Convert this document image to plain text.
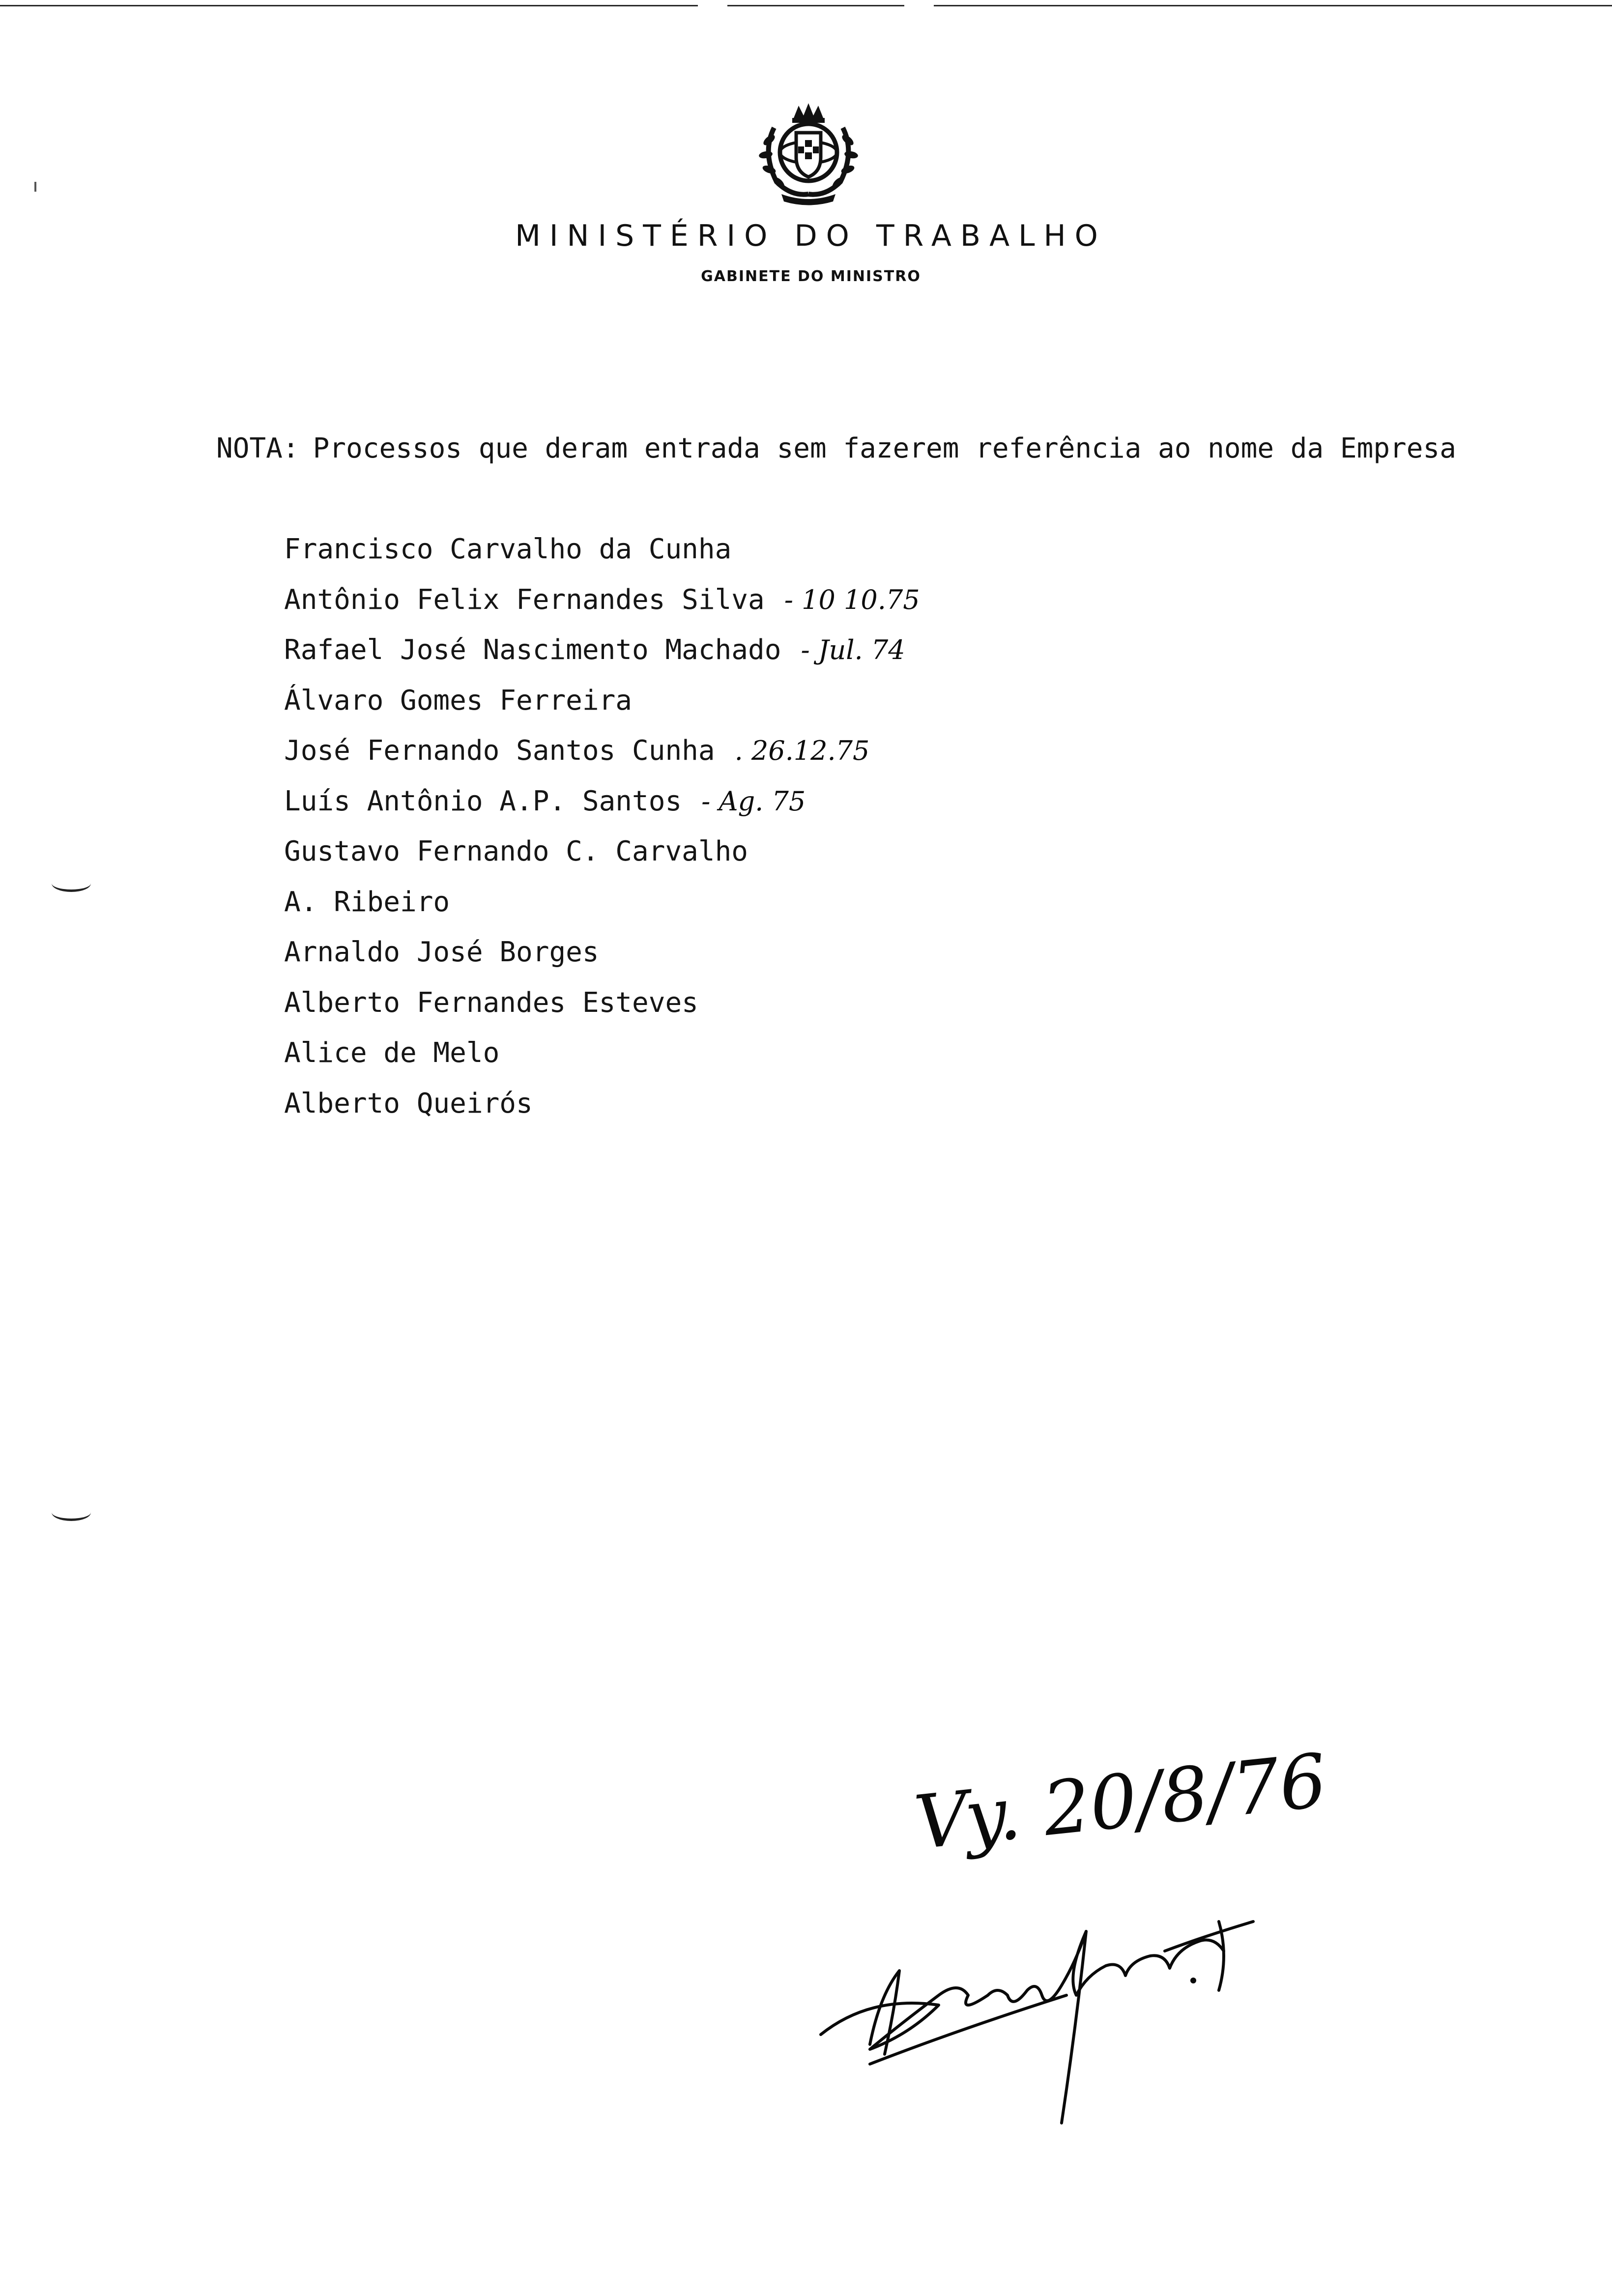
MINISTÉRIO DO TRABALHO
GABINETE DO MINISTRO
NOTA: Processos que deram entrada sem fazerem referência ao nome da Empresa
Francisco Carvalho da Cunha
Antônio Felix Fernandes Silva - 10 10.75
Rafael José Nascimento Machado - Jul. 74
Álvaro Gomes Ferreira
José Fernando Santos Cunha . 26.12.75
Luís Antônio A.P. Santos - Ag. 75
Gustavo Fernando C. Carvalho
A. Ribeiro
Arnaldo José Borges
Alberto Fernandes Esteves
Alice de Melo
Alberto Queirós
Vy. 20/8/76
